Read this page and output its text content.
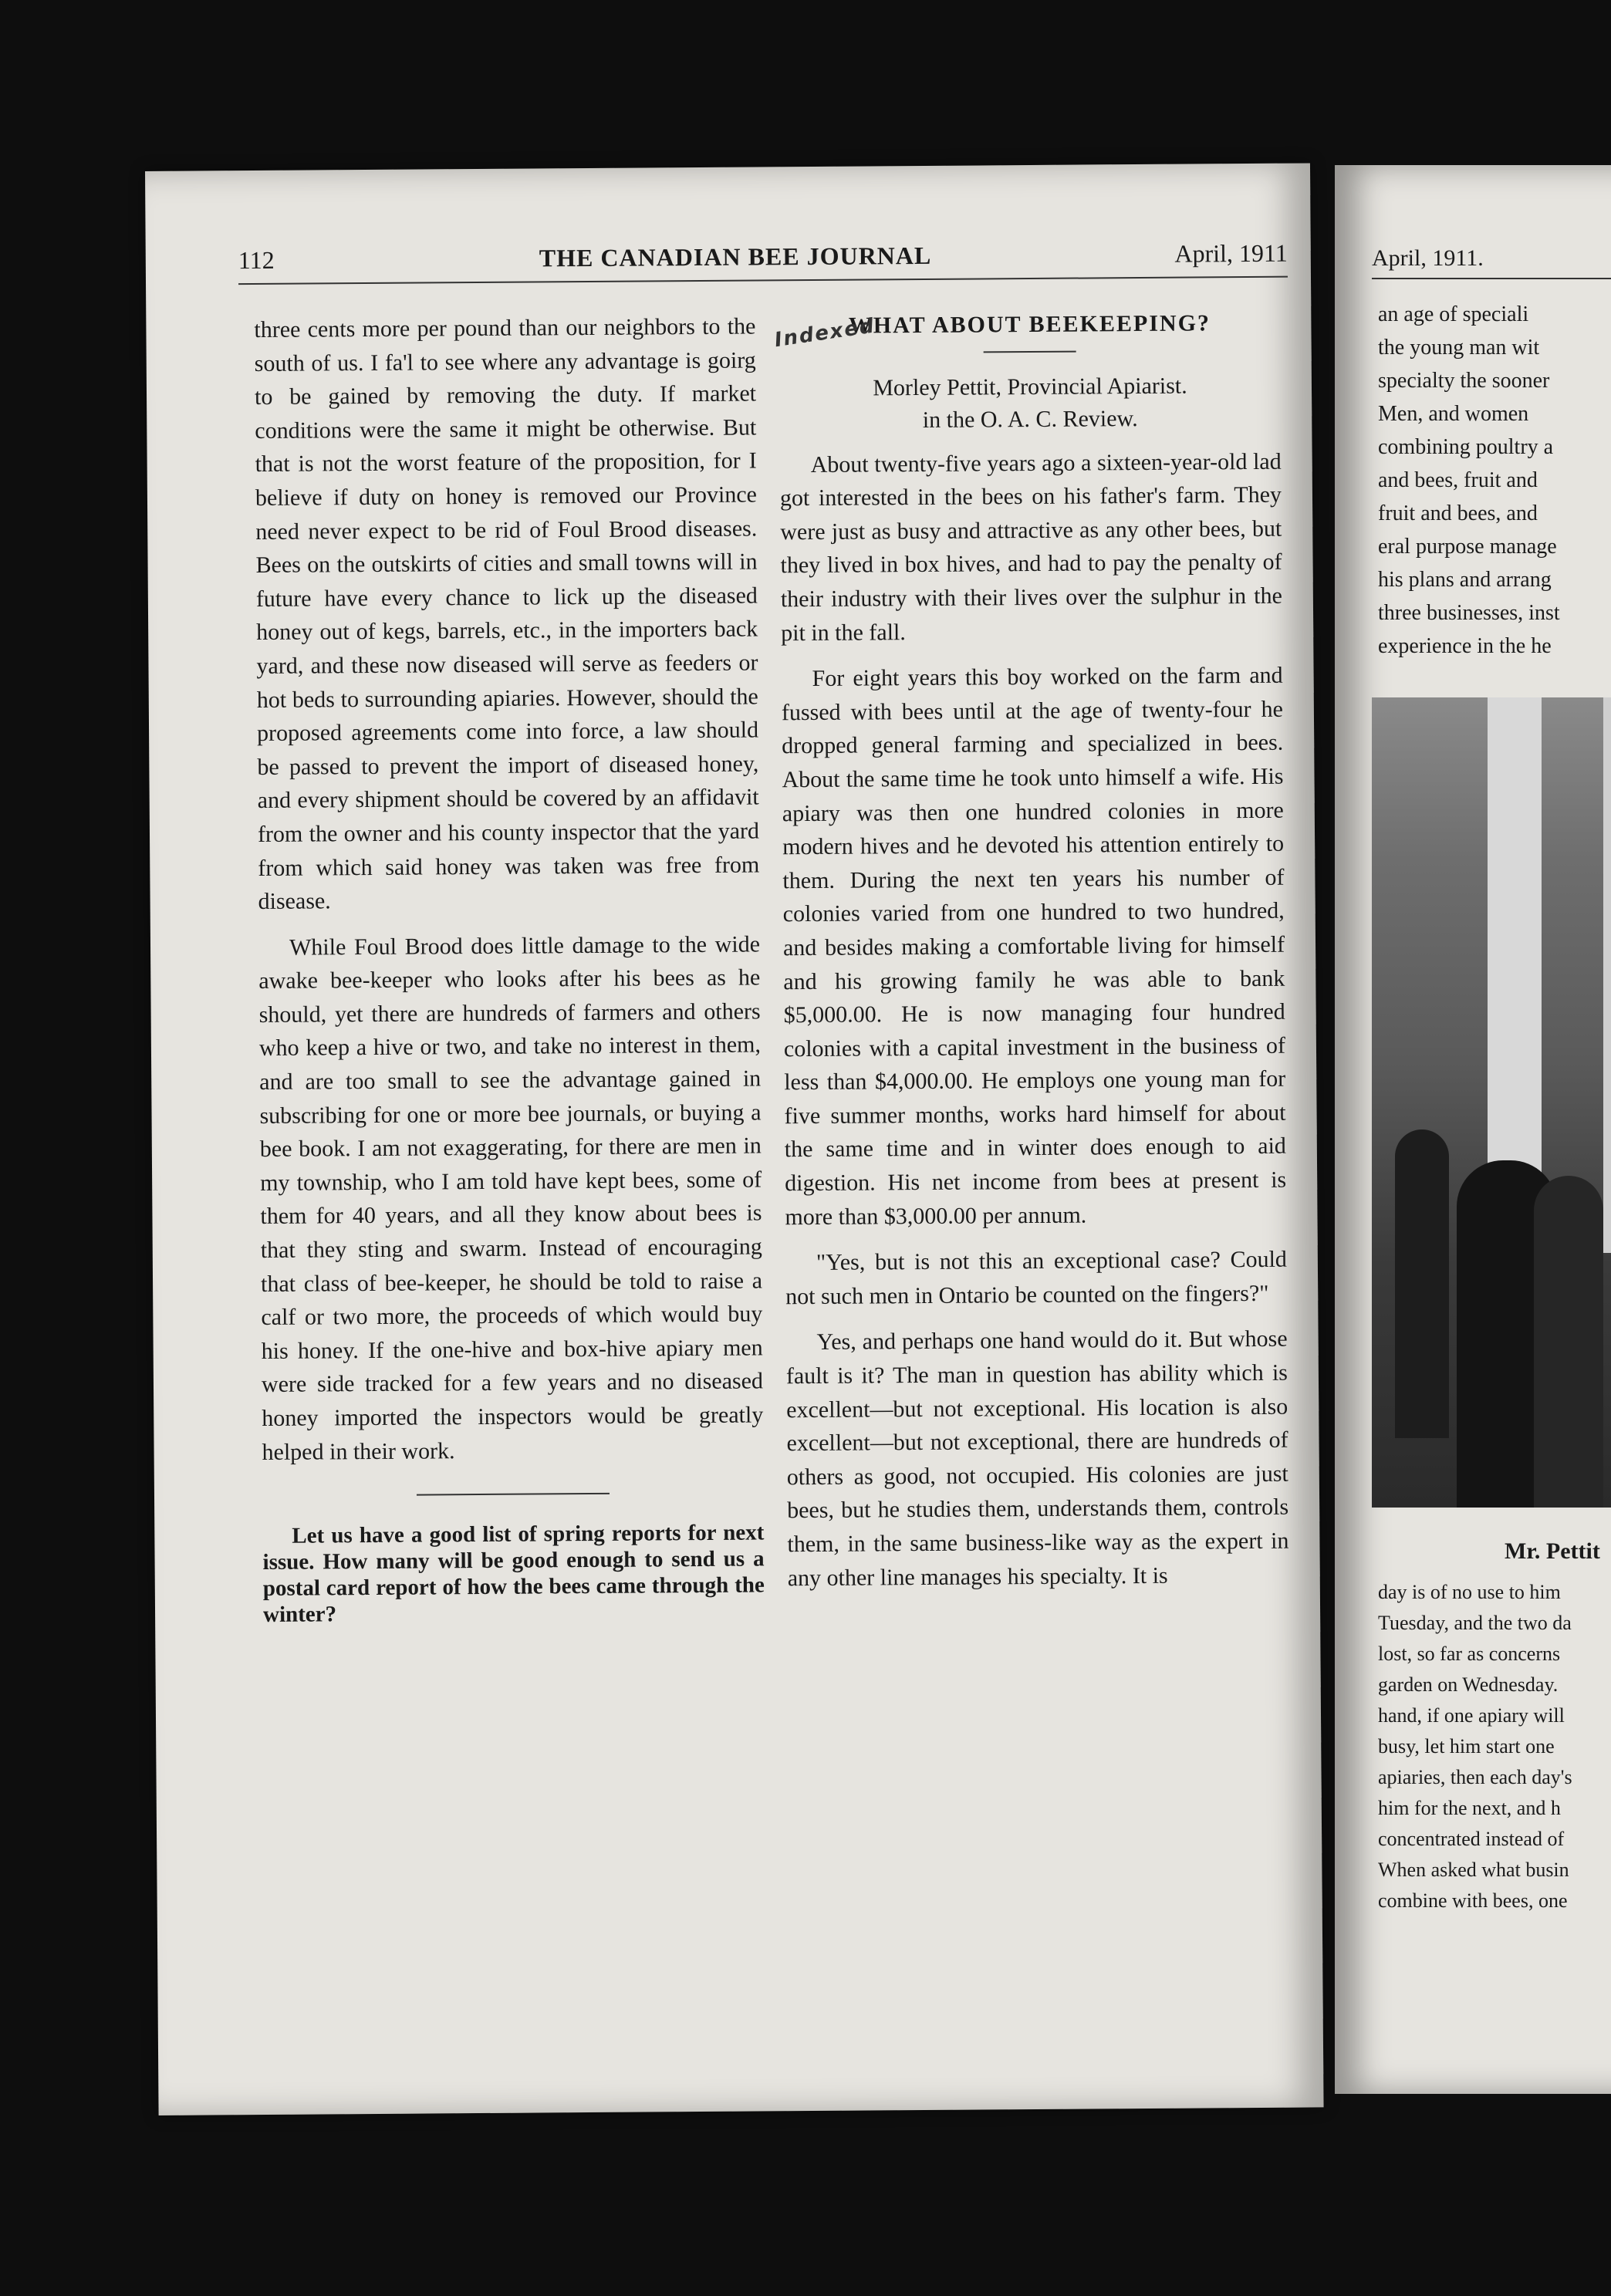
112	THE CANADIAN BEE JOURNAL	April, 1911

three cents more per pound than our neighbors to the south of us. I fa'l to see where any advantage is goirg to be gained by removing the duty. If market conditions were the same it might be otherwise. But that is not the worst feature of the proposition, for I believe if duty on honey is removed our Province need never expect to be rid of Foul Brood diseases. Bees on the outskirts of cities and small towns will in future have every chance to lick up the diseased honey out of kegs, barrels, etc., in the importers back yard, and these now diseased will serve as feeders or hot beds to surrounding apiaries. However, should the proposed agreements come into force, a law should be passed to prevent the import of diseased honey, and every shipment should be covered by an affidavit from the owner and his county inspector that the yard from which said honey was taken was free from disease.

While Foul Brood does little damage to the wide awake bee-keeper who looks after his bees as he should, yet there are hundreds of farmers and others who keep a hive or two, and take no interest in them, and are too small to see the advantage gained in subscribing for one or more bee journals, or buying a bee book. I am not exaggerating, for there are men in my township, who I am told have kept bees, some of them for 40 years, and all they know about bees is that they sting and swarm. Instead of encouraging that class of bee-keeper, he should be told to raise a calf or two more, the proceeds of which would buy his honey. If the one-hive and box-hive apiary men were side tracked for a few years and no diseased honey imported the inspectors would be greatly helped in their work.

Let us have a good list of spring reports for next issue. How many will be good enough to send us a postal card report of how the bees came through the winter?

Indexed
WHAT ABOUT BEEKEEPING?
Morley Pettit, Provincial Apiarist.
in the O. A. C. Review.

About twenty-five years ago a sixteen-year-old lad got interested in the bees on his father's farm. They were just as busy and attractive as any other bees, but they lived in box hives, and had to pay the penalty of their industry with their lives over the sulphur in the pit in the fall.

For eight years this boy worked on the farm and fussed with bees until at the age of twenty-four he dropped general farming and specialized in bees. About the same time he took unto himself a wife. His apiary was then one hundred colonies in more modern hives and he devoted his attention entirely to them. During the next ten years his number of colonies varied from one hundred to two hundred, and besides making a comfortable living for himself and his growing family he was able to bank $5,000.00. He is now managing four hundred colonies with a capital investment in the business of less than $4,000.00. He employs one young man for five summer months, works hard himself for about the same time and in winter does enough to aid digestion. His net income from bees at present is more than $3,000.00 per annum.

"Yes, but is not this an exceptional case? Could not such men in Ontario be counted on the fingers?"

Yes, and perhaps one hand would do it. But whose fault is it? The man in question has ability which is excellent—but not exceptional. His location is also excellent—but not exceptional, there are hundreds of others as good, not occupied. His colonies are just bees, but he studies them, understands them, controls them, in the same business-like way as the expert in any other line manages his specialty. It is

April, 1911.
an age of speciali
the young man wit
specialty the sooner
Men, and women
combining poultry a
and bees, fruit and
fruit and bees, and
eral purpose manage
his plans and arrang
three businesses, inst
experience in the he
Mr. Pettit
day is of no use to him
Tuesday, and the two da
lost, so far as concerns
garden on Wednesday.
hand, if one apiary will
busy, let him start one
apiaries, then each day's
him for the next, and h
concentrated instead of
When asked what busin
combine with bees, one
